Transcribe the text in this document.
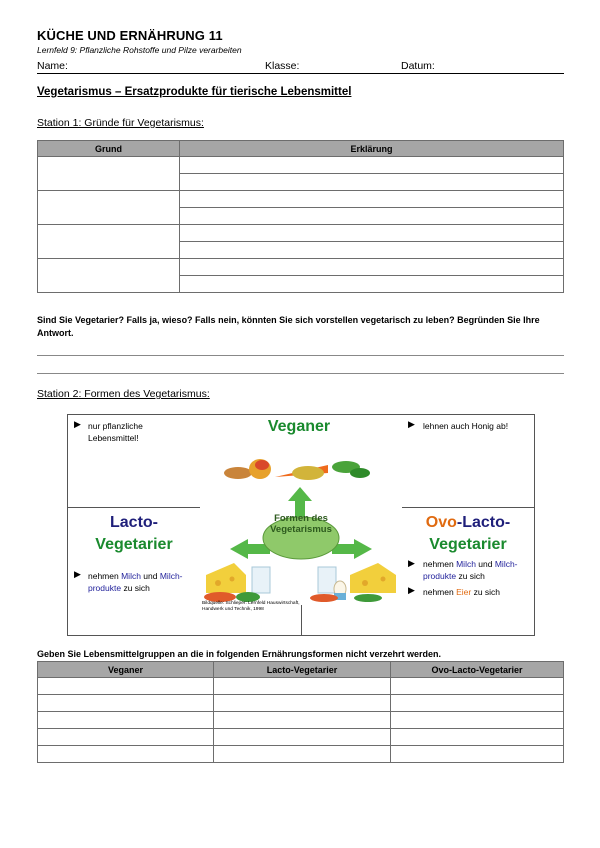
KÜCHE UND ERNÄHRUNG 11
Lernfeld 9: Pflanzliche Rohstoffe und Pilze verarbeiten
Name:	Klasse:	Datum:
Vegetarismus – Ersatzprodukte für tierische Lebensmittel
Station 1: Gründe für Vegetarismus:
Grund	Erklärung

Sind Sie Vegetarier? Falls ja, wieso? Falls nein, könnten Sie sich vorstellen vegetarisch zu leben? Begründen Sie Ihre Antwort.
Station 2: Formen des Vegetarismus:
▶ nur pflanzliche Lebensmittel!
▶ lehnen auch Honig ab!
Veganer
Formen des
Vegetarismus
Lacto-
Vegetarier
▶ nehmen Milch und Milch-
produkte zu sich
Ovo-Lacto-
Vegetarier
▶ nehmen Milch und Milch-
produkte zu sich
▶ nehmen Eier zu sich
Bildquelle: Schlieper: Lernfeld Hauswirtschaft, Handwerk und Technik, 1998
Geben Sie Lebensmittelgruppen an die in folgenden Ernährungsformen nicht verzehrt werden.
Veganer	Lacto-Vegetarier	Ovo-Lacto-Vegetarier
